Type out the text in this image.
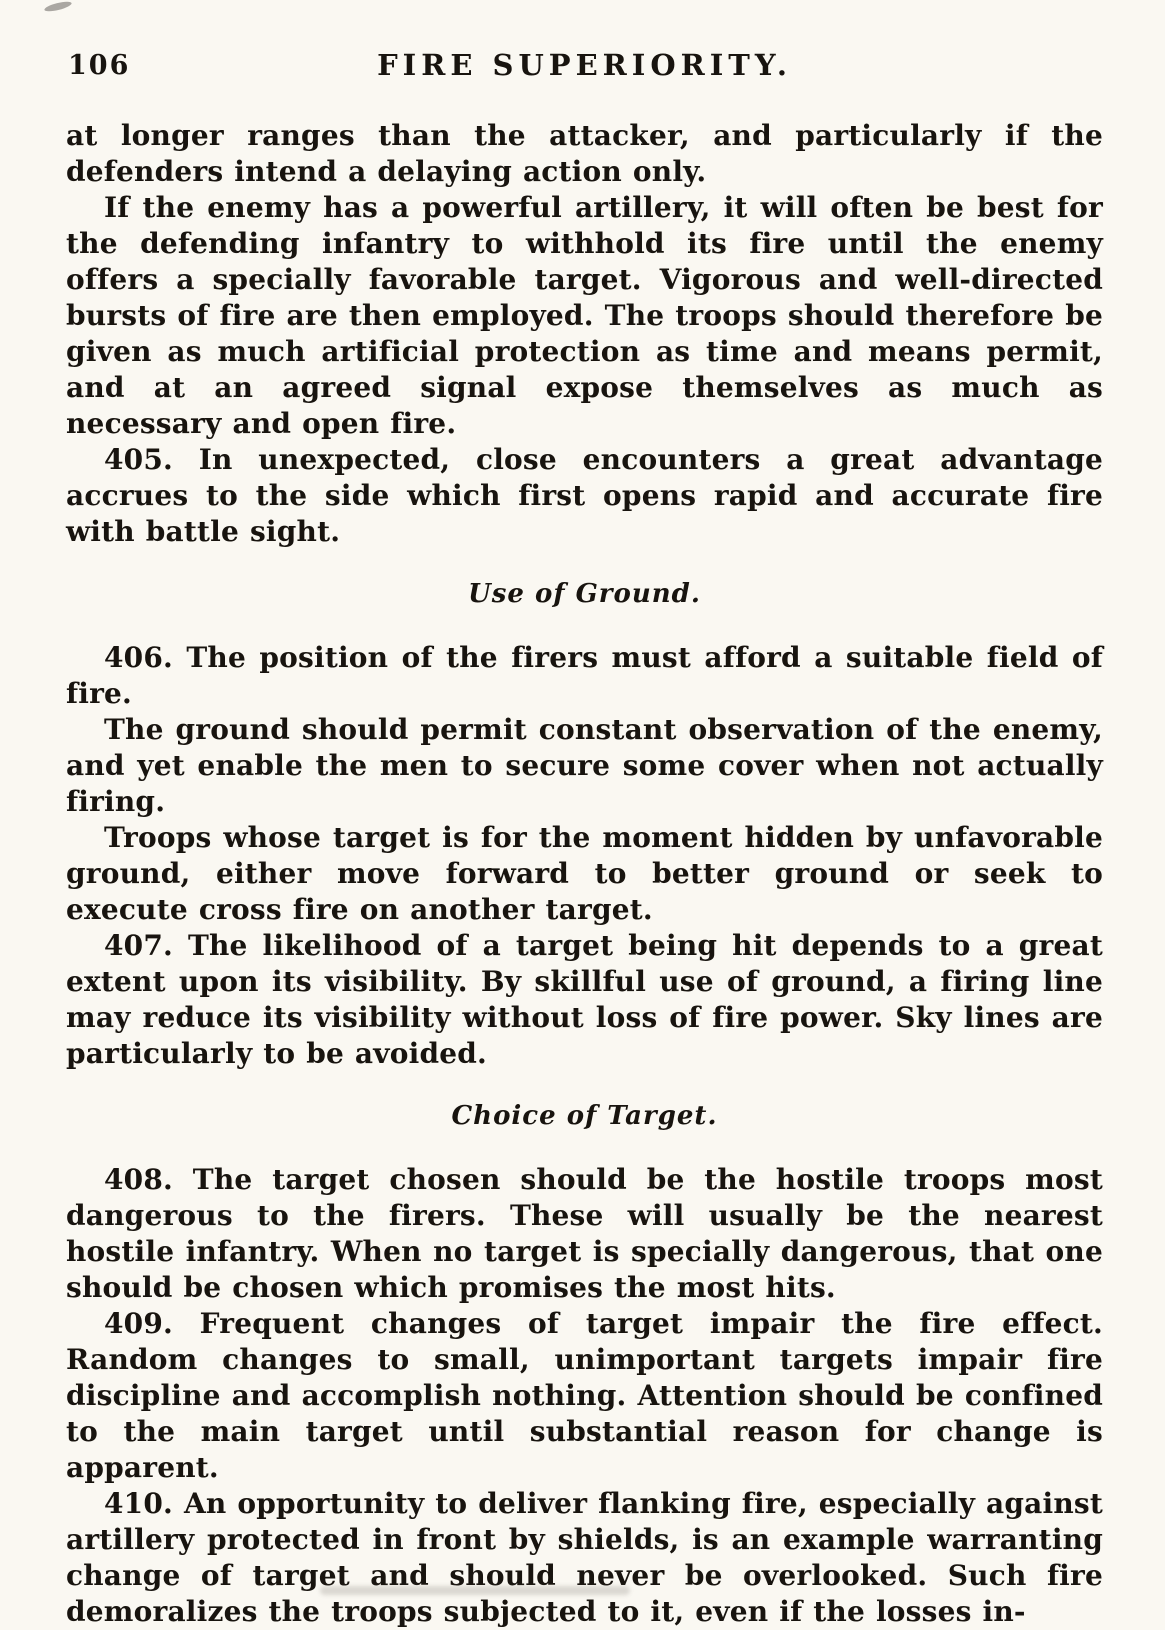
106	FIRE SUPERIORITY.

at longer ranges than the attacker, and particularly if the defenders intend a delaying action only.

If the enemy has a powerful artillery, it will often be best for the defending infantry to withhold its fire until the enemy offers a specially favorable target. Vigorous and well-directed bursts of fire are then employed. The troops should therefore be given as much artificial protection as time and means permit, and at an agreed signal expose themselves as much as necessary and open fire.

405. In unexpected, close encounters a great advantage accrues to the side which first opens rapid and accurate fire with battle sight.

Use of Ground.

406. The position of the firers must afford a suitable field of fire.

The ground should permit constant observation of the enemy, and yet enable the men to secure some cover when not actually firing.

Troops whose target is for the moment hidden by unfavorable ground, either move forward to better ground or seek to execute cross fire on another target.

407. The likelihood of a target being hit depends to a great extent upon its visibility. By skillful use of ground, a firing line may reduce its visibility without loss of fire power. Sky lines are particularly to be avoided.

Choice of Target.

408. The target chosen should be the hostile troops most dangerous to the firers. These will usually be the nearest hostile infantry. When no target is specially dangerous, that one should be chosen which promises the most hits.

409. Frequent changes of target impair the fire effect. Random changes to small, unimportant targets impair fire discipline and accomplish nothing. Attention should be confined to the main target until substantial reason for change is apparent.

410. An opportunity to deliver flanking fire, especially against artillery protected in front by shields, is an example warranting change of target and should never be overlooked. Such fire demoralizes the troops subjected to it, even if the losses in-
